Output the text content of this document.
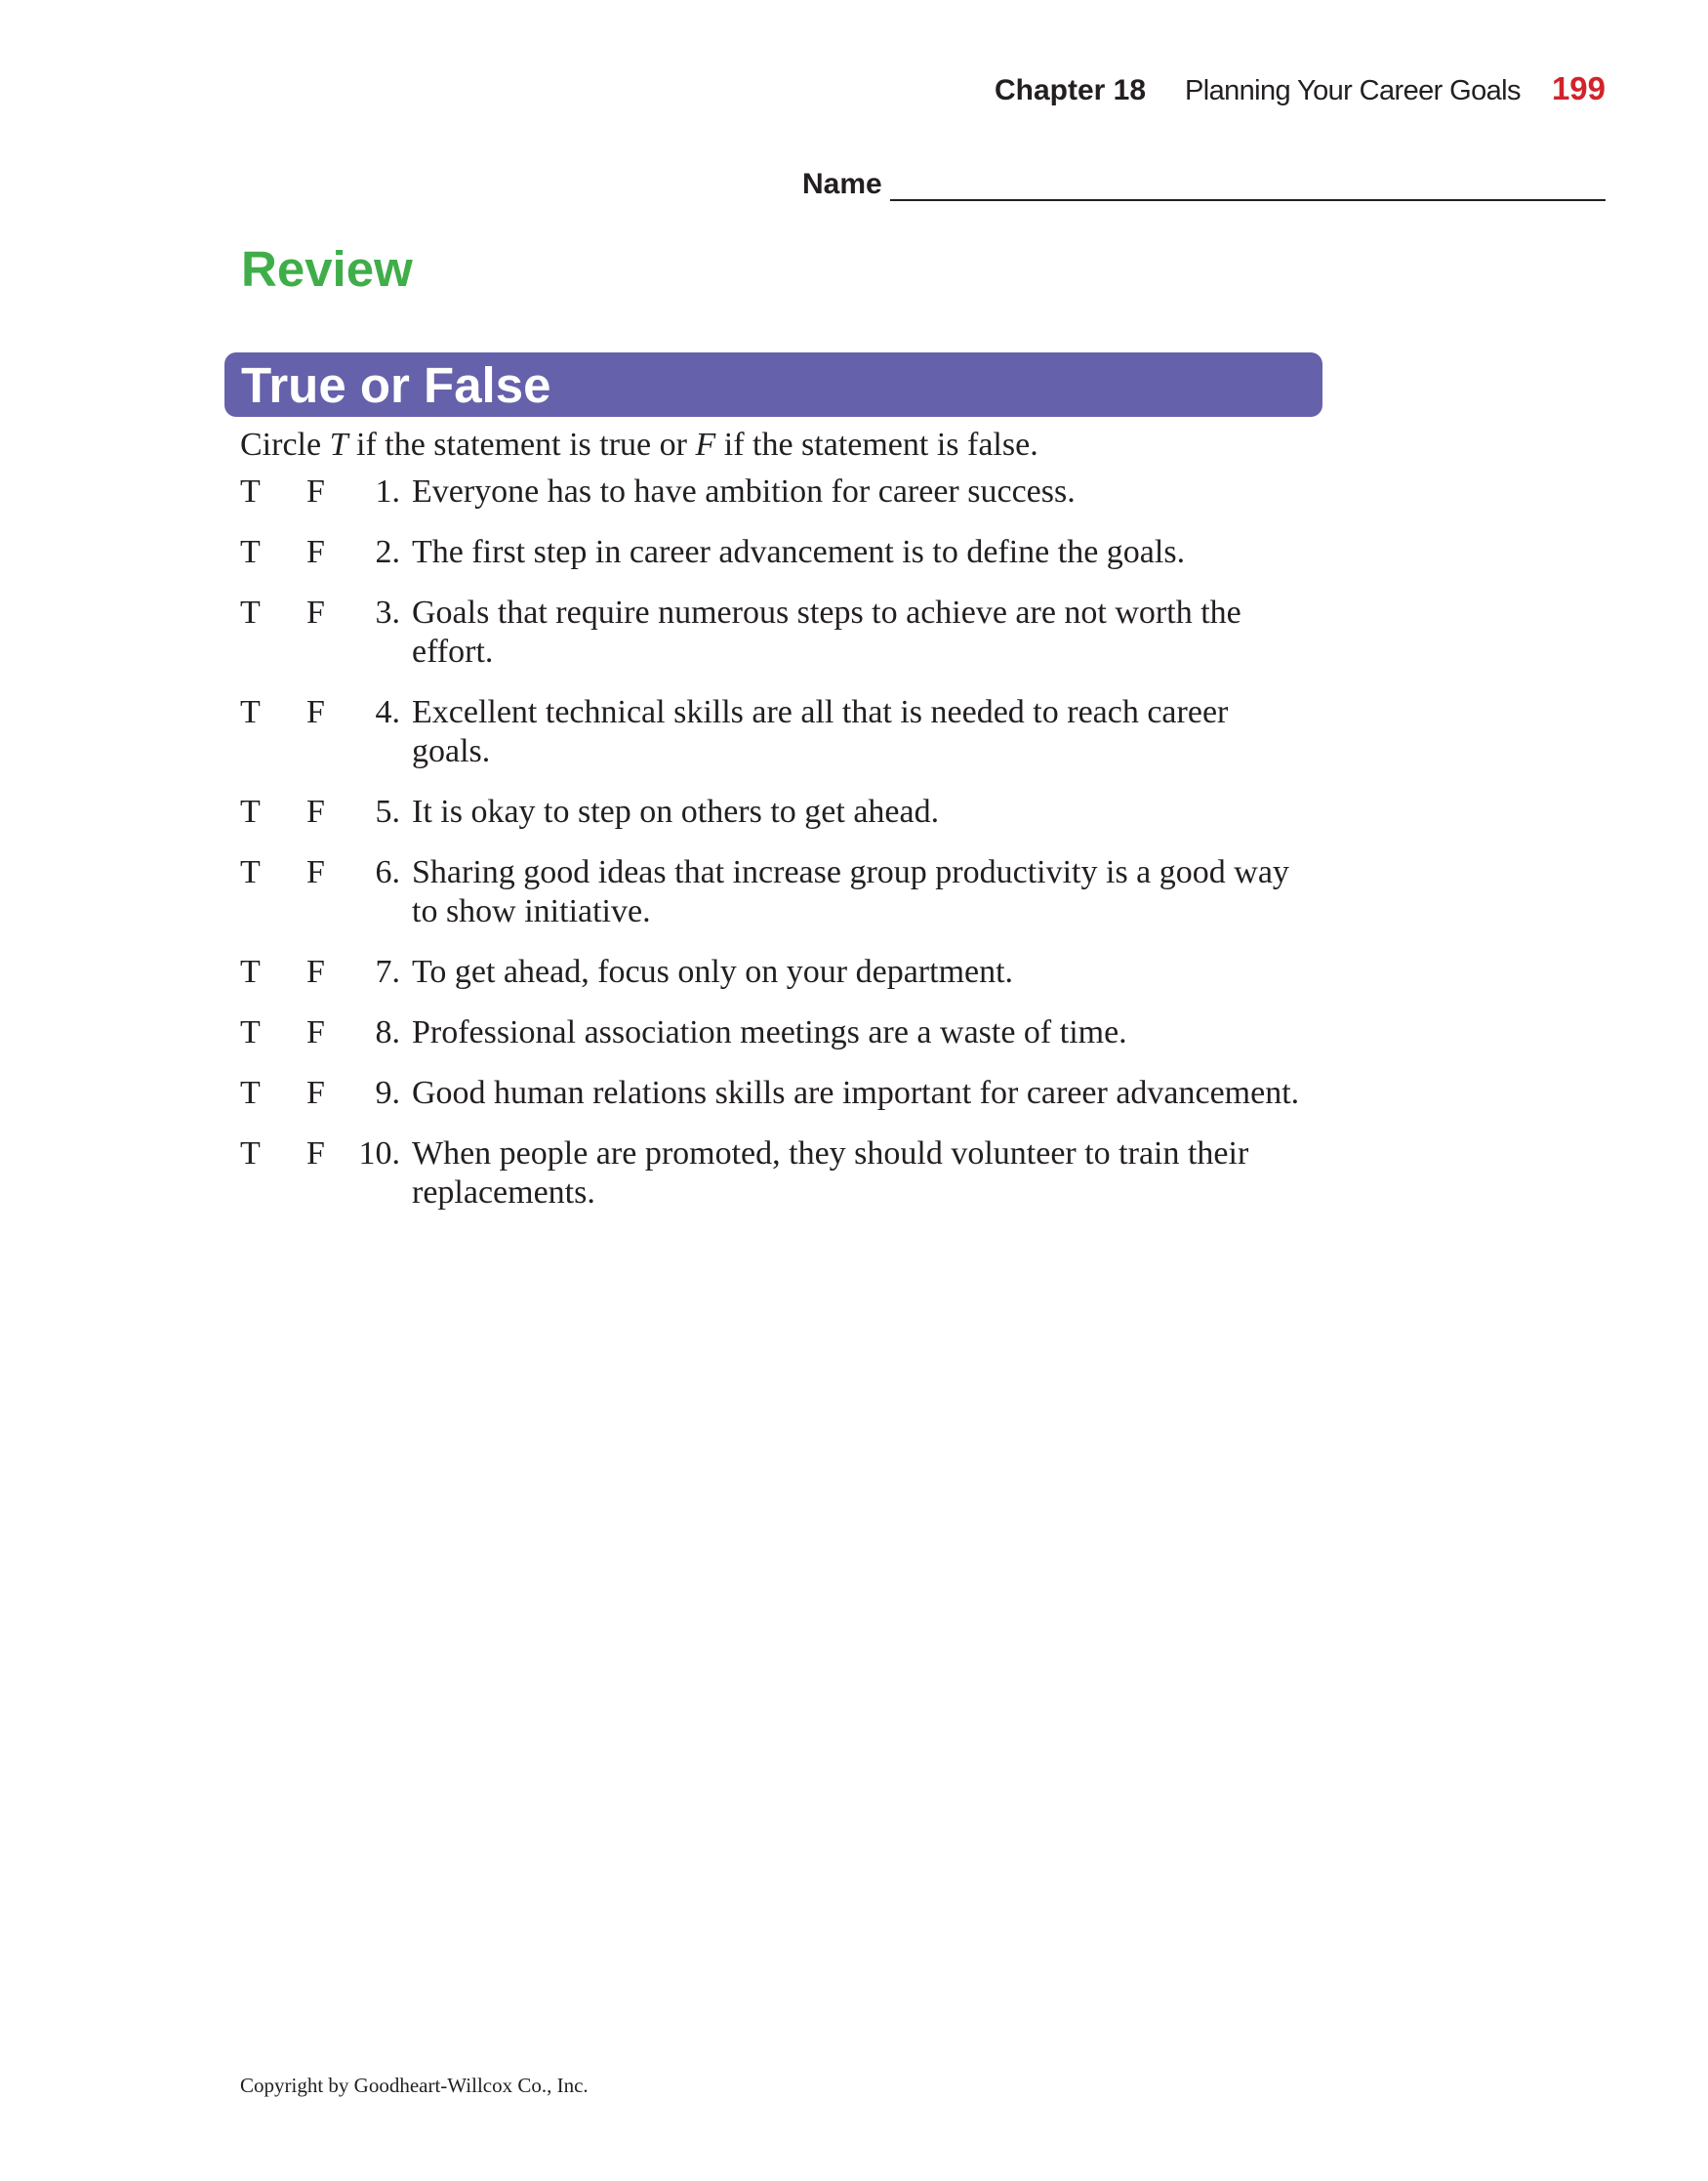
Chapter 18 Planning Your Career Goals 199
Name
Review
True or False
Circle T if the statement is true or F if the statement is false.
T	F	1. Everyone has to have ambition for career success.
T	F	2. The first step in career advancement is to define the goals.
T	F	3. Goals that require numerous steps to achieve are not worth the effort.
T	F	4. Excellent technical skills are all that is needed to reach career goals.
T	F	5. It is okay to step on others to get ahead.
T	F	6. Sharing good ideas that increase group productivity is a good way to show initiative.
T	F	7. To get ahead, focus only on your department.
T	F	8. Professional association meetings are a waste of time.
T	F	9. Good human relations skills are important for career advancement.
T	F	10. When people are promoted, they should volunteer to train their replacements.
Copyright by Goodheart-Willcox Co., Inc.
